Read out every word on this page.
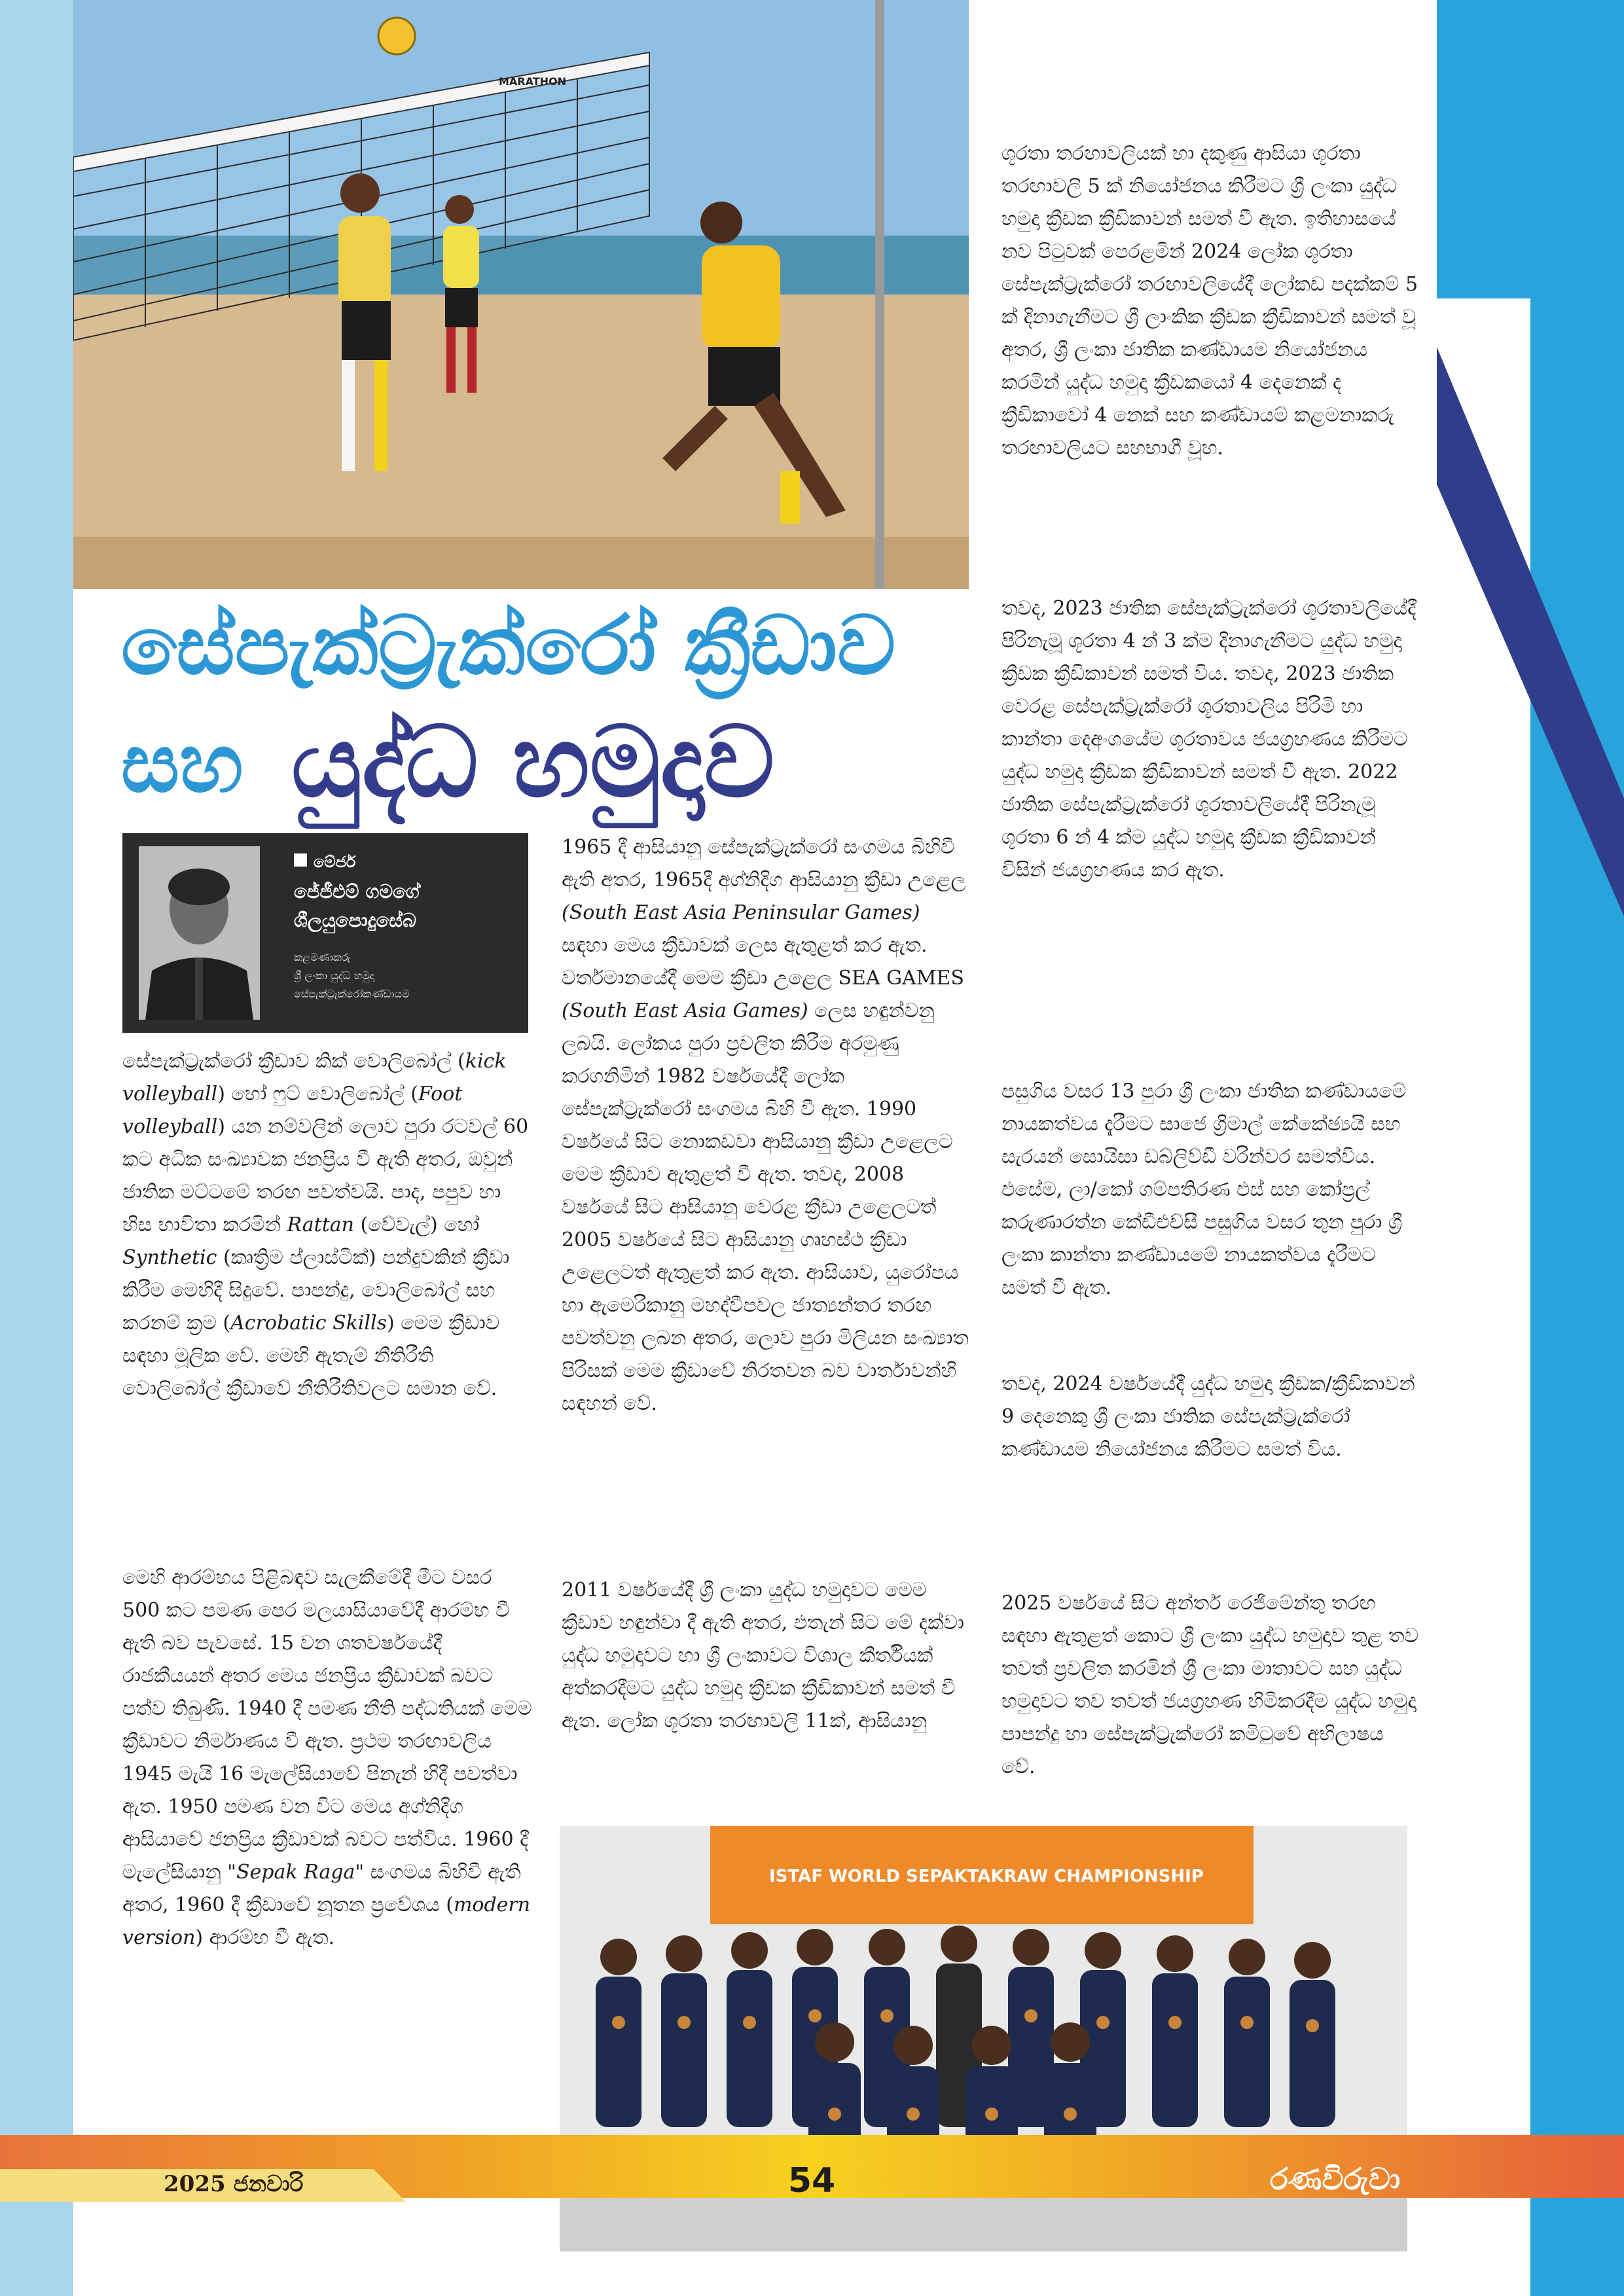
MARATHON
සේපැක්ට්‍රැක්රෝ ක්‍රීඩාව
සහ යුද්ධ හමුදාව
මේජර්
ජේජීඑම් ගමගේ
ශීලයුපොදුසේබ
කළමණාකරු
ශ්‍රී ලංකා යුද්ධ හමුදා
සේපැක්ට්‍රැක්රෝකණ්ඩායම

සේපැක්ට්‍රැක්රෝ ක්‍රීඩාව කික් වොලිබෝල් (kick volleyball) හෝ ෆුට් වොලිබෝල් (Foot volleyball) යන නම්වලින් ලොව පුරා රටවල් 60 කට අධික සංඛ්‍යාවක ජනප්‍රිය වී ඇති අතර, ඔවුන් ජාතික මට්ටමේ තරඟ පවත්වයි. පාද, පපුව හා හිස භාවිතා කරමින් Rattan (වේවැල්) හෝ Synthetic (කෘත්‍රිම ප්ලාස්ටික්) පන්දුවකින් ක්‍රීඩා කිරීම මෙහිදී සිදුවේ. පාපන්දු, වොලිබෝල් සහ කරනම් ක්‍රම (Acrobatic Skills) මෙම ක්‍රීඩාව සඳහා මූලික වේ. මෙහි ඇතැම් නීතිරීති වොලිබෝල් ක්‍රීඩාවේ නීතිරීතිවලට සමාන වේ.

මෙහි ආරම්භය පිළිබඳව සැලකීමේදී මීට වසර 500 කට පමණ පෙර මලයාසියාවේදී ආරම්භ වී ඇති බව පැවසේ. 15 වන ශතවර්ෂයේදී රාජකීයයන් අතර මෙය ජනප්‍රිය ක්‍රීඩාවක් බවට පත්ව තිබුණි. 1940 දී පමණ නීති පද්ධතියක් මෙම ක්‍රීඩාවට නිර්මාණය වී ඇත. ප්‍රථම තරඟාවලිය 1945 මැයි 16 මැලේසියාවේ පිනැන් හිදී පවත්වා ඇත. 1950 පමණ වන විට මෙය අග්නිදිග ආසියාවේ ජනප්‍රිය ක්‍රීඩාවක් බවට පත්විය. 1960 දී මැලේසියානු "Sepak Raga" සංගමය බිහිවී ඇති අතර, 1960 දී ක්‍රීඩාවේ නූතන ප්‍රවේශය (modern version) ආරම්භ වී ඇත.

1965 දී ආසියානු සේපැක්ට්‍රැක්රෝ සංගමය බිහිවී ඇති අතර, 1965දී අග්නිදිග ආසියානු ක්‍රීඩා උළෙල (South East Asia Peninsular Games) සඳහා මෙය ක්‍රීඩාවක් ලෙස ඇතුළත් කර ඇත. වර්තමානයේදී මෙම ක්‍රීඩා උළෙල SEA GAMES (South East Asia Games) ලෙස හඳුන්වනු ලබයි. ලෝකය පුරා ප්‍රචලිත කිරීම අරමුණු කරගනිමින් 1982 වර්ෂයේදී ලෝක සේපැක්ට්‍රැක්රෝ සංගමය බිහි වී ඇත. 1990 වර්ෂයේ සිට නොකඩවා ආසියානු ක්‍රීඩා උළෙලට මෙම ක්‍රීඩාව ඇතුළත් වී ඇත. තවද, 2008 වර්ෂයේ සිට ආසියානු වෙරළ ක්‍රීඩා උළෙලටත් 2005 වර්ෂයේ සිට ආසියානු ගෘහස්ථ ක්‍රීඩා උළෙලටත් ඇතුළත් කර ඇත. ආසියාව, යුරෝපය හා ඇමෙරිකානු මහද්වීපවල ජාත්‍යන්තර තරඟ පවත්වනු ලබන අතර, ලොව පුරා මිලියන සංඛ්‍යාත පිරිසක් මෙම ක්‍රීඩාවේ නිරතවන බව වාර්තාවන්හි සඳහන් වේ.

2011 වර්ෂයේදී ශ්‍රී ලංකා යුද්ධ හමුදාවට මෙම ක්‍රීඩාව හඳුන්වා දී ඇති අතර, එතැන් සිට මේ දක්වා යුද්ධ හමුදාවට හා ශ්‍රී ලංකාවට විශාල කීර්තියක් අත්කරදීමට යුද්ධ හමුදා ක්‍රීඩක ක්‍රීඩිකාවන් සමත් වී ඇත. ලෝක ශූරතා තරඟාවලි 11ක්, ආසියානු

ශූරතා තරඟාවලියක් හා දකුණු ආසියා ශූරතා තරඟාවලි 5 ක් නියෝජනය කිරීමට ශ්‍රී ලංකා යුද්ධ හමුදා ක්‍රීඩක ක්‍රීඩිකාවන් සමත් වී ඇත. ඉතිහාසයේ නව පිටුවක් පෙරළමින් 2024 ලෝක ශූරතා සේපැක්ට්‍රැක්රෝ තරඟාවලියේදී ලෝකඩ පදක්කම් 5 ක් දිනාගැනීමට ශ්‍රී ලාංකික ක්‍රීඩක ක්‍රීඩිකාවන් සමත් වූ අතර, ශ්‍රී ලංකා ජාතික කණ්ඩායම නියෝජනය කරමින් යුද්ධ හමුදා ක්‍රීඩකයෝ 4 දෙනෙක් ද ක්‍රීඩිකාවෝ 4 නෙක් සහ කණ්ඩායම් කළමනාකරු තරඟාවලියට සහභාගී වූහ.

තවද, 2023 ජාතික සේපැක්ට්‍රැක්රෝ ශූරතාවලියේදී පිරිනැමූ ශූරතා 4 න් 3 ක්ම දිනාගැනීමට යුද්ධ හමුදා ක්‍රීඩක ක්‍රීඩිකාවන් සමත් විය. තවද, 2023 ජාතික වෙරළ සේපැක්ට්‍රැක්රෝ ශූරතාවලිය පිරිමි හා කාන්තා දෙඅංශයේම ශූරතාවය ජයග්‍රහණය කිරීමට යුද්ධ හමුදා ක්‍රීඩක ක්‍රීඩිකාවන් සමත් වී ඇත. 2022 ජාතික සේපැක්ට්‍රැක්රෝ ශූරතාවලියේදී පිරිනැමූ ශූරතා 6 න් 4 ක්ම යුද්ධ හමුදා ක්‍රීඩක ක්‍රීඩිකාවන් විසින් ජයග්‍රහණය කර ඇත.

පසුගිය වසර 13 පුරා ශ්‍රී ලංකා ජාතික කණ්ඩායමේ නායකත්වය දැරීමට සාජෙ ග්‍රිමාල් කේකේඡ්‍යයි සහ සැරයන් සොයිසා ඩබ්ලිව්ඩී වරින්වර සමත්විය. එසේම, ලා/කෝ ගම්පතිරණ එස් සහ කෝප්‍රල් කරුණාරත්න කේඩීඑච්සී පසුගිය වසර තුන පුරා ශ්‍රී ලංකා කාන්තා කණ්ඩායමේ නායකත්වය දැරීමට සමත් වී ඇත.

තවද, 2024 වර්ෂයේදී යුද්ධ හමුදා ක්‍රීඩක/ක්‍රීඩිකාවන් 9 දෙනෙකු ශ්‍රී ලංකා ජාතික සේපැක්ට්‍රැක්රෝ කණ්ඩායම නියෝජනය කිරීමට සමත් විය.

2025 වර්ෂයේ සිට අන්තර් රෙජිමේන්තු තරඟ සඳහා ඇතුළත් කොට ශ්‍රී ලංකා යුද්ධ හමුදාව තුළ තව තවත් ප්‍රචලිත කරමින් ශ්‍රී ලංකා මාතාවට සහ යුද්ධ හමුදාවට තව තවත් ජයග්‍රහණ හිමිකරදීම යුද්ධ හමුදා පාපන්දු හා සේපැක්ට්‍රැක්රෝ කමිටුවේ අභිලාෂය වේ.

ISTAF WORLD SEPAKTAKRAW CHAMPIONSHIP
2025 ජනවාරි	54	රණවිරුවා
